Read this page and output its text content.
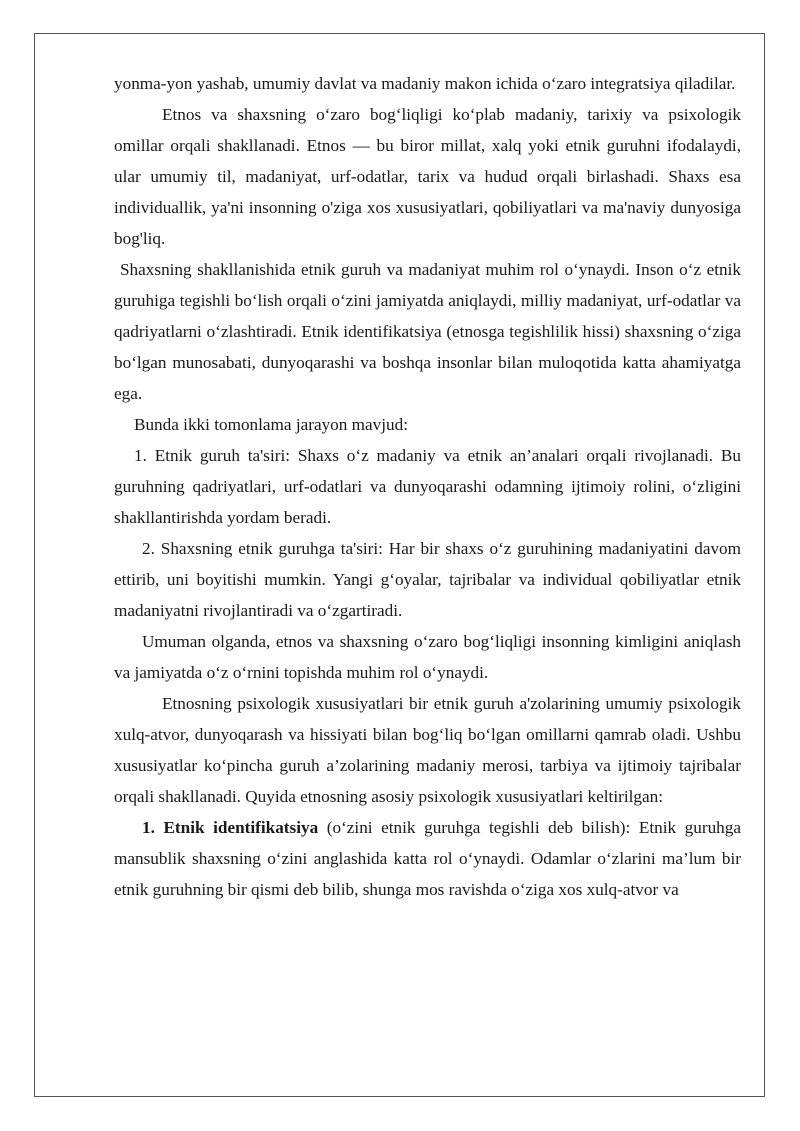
yonma-yon yashab, umumiy davlat va madaniy makon ichida o‘zaro integratsiya qiladilar.

Etnos va shaxsning o‘zaro bog‘liqligi ko‘plab madaniy, tarixiy va psixologik omillar orqali shakllanadi. Etnos — bu biror millat, xalq yoki etnik guruhni ifodalaydi, ular umumiy til, madaniyat, urf-odatlar, tarix va hudud orqali birlashadi. Shaxs esa individuallik, ya'ni insonning o'ziga xos xususiyatlari, qobiliyatlari va ma'naviy dunyosiga bog'liq.

Shaxsning shakllanishida etnik guruh va madaniyat muhim rol o‘ynaydi. Inson o‘z etnik guruhiga tegishli bo‘lish orqali o‘zini jamiyatda aniqlaydi, milliy madaniyat, urf-odatlar va qadriyatlarni o‘zlashtiradi. Etnik identifikatsiya (etnosga tegishlilik hissi) shaxsning o‘ziga bo‘lgan munosabati, dunyoqarashi va boshqa insonlar bilan muloqotida katta ahamiyatga ega.

Bunda ikki tomonlama jarayon mavjud:

1. Etnik guruh ta'siri: Shaxs o‘z madaniy va etnik an’analari orqali rivojlanadi. Bu guruhning qadriyatlari, urf-odatlari va dunyoqarashi odamning ijtimoiy rolini, o‘zligini shakllantirishda yordam beradi.

2. Shaxsning etnik guruhga ta'siri: Har bir shaxs o‘z guruhining madaniyatini davom ettirib, uni boyitishi mumkin. Yangi g‘oyalar, tajribalar va individual qobiliyatlar etnik madaniyatni rivojlantiradi va o‘zgartiradi.

Umuman olganda, etnos va shaxsning o‘zaro bog‘liqligi insonning kimligini aniqlash va jamiyatda o‘z o‘rnini topishda muhim rol o‘ynaydi.

Etnosning psixologik xususiyatlari bir etnik guruh a'zolarining umumiy psixologik xulq-atvor, dunyoqarash va hissiyati bilan bog‘liq bo‘lgan omillarni qamrab oladi. Ushbu xususiyatlar ko‘pincha guruh a’zolarining madaniy merosi, tarbiya va ijtimoiy tajribalar orqali shakllanadi. Quyida etnosning asosiy psixologik xususiyatlari keltirilgan:

1. Etnik identifikatsiya (o‘zini etnik guruhga tegishli deb bilish): Etnik guruhga mansublik shaxsning o‘zini anglashida katta rol o‘ynaydi. Odamlar o‘zlarini ma’lum bir etnik guruhning bir qismi deb bilib, shunga mos ravishda o‘ziga xos xulq-atvor va
